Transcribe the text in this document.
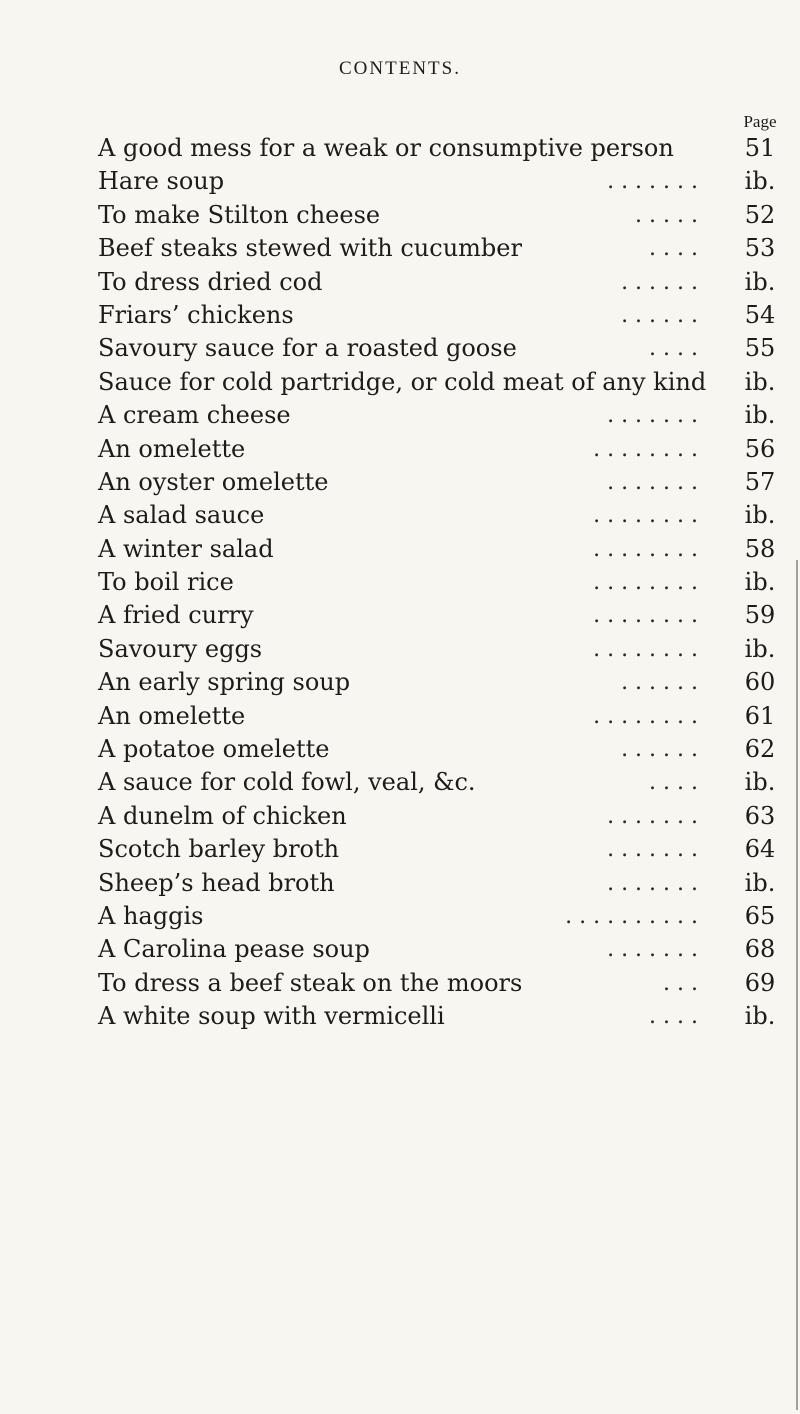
CONTENTS.
Page
A good mess for a weak or consumptive person	51
Hare soup	. . . . . . .	ib.
To make Stilton cheese	. . . . .	52
Beef steaks stewed with cucumber	. . . .	53
To dress dried cod	. . . . . .	ib.
Friars’ chickens	. . . . . .	54
Savoury sauce for a roasted goose	. . . .	55
Sauce for cold partridge, or cold meat of any kind	ib.
A cream cheese	. . . . . . .	ib.
An omelette	. . . . . . . .	56
An oyster omelette	. . . . . . .	57
A salad sauce	. . . . . . . .	ib.
A winter salad	. . . . . . . .	58
To boil rice	. . . . . . . .	ib.
A fried curry	. . . . . . . .	59
Savoury eggs	. . . . . . . .	ib.
An early spring soup	. . . . . .	60
An omelette	. . . . . . . .	61
A potatoe omelette	. . . . . .	62
A sauce for cold fowl, veal, &c.	. . . .	ib.
A dunelm of chicken	. . . . . . .	63
Scotch barley broth	. . . . . . .	64
Sheep’s head broth	. . . . . . .	ib.
A haggis	. . . . . . . . . .	65
A Carolina pease soup	. . . . . . .	68
To dress a beef steak on the moors	. . .	69
A white soup with vermicelli	. . . .	ib.
